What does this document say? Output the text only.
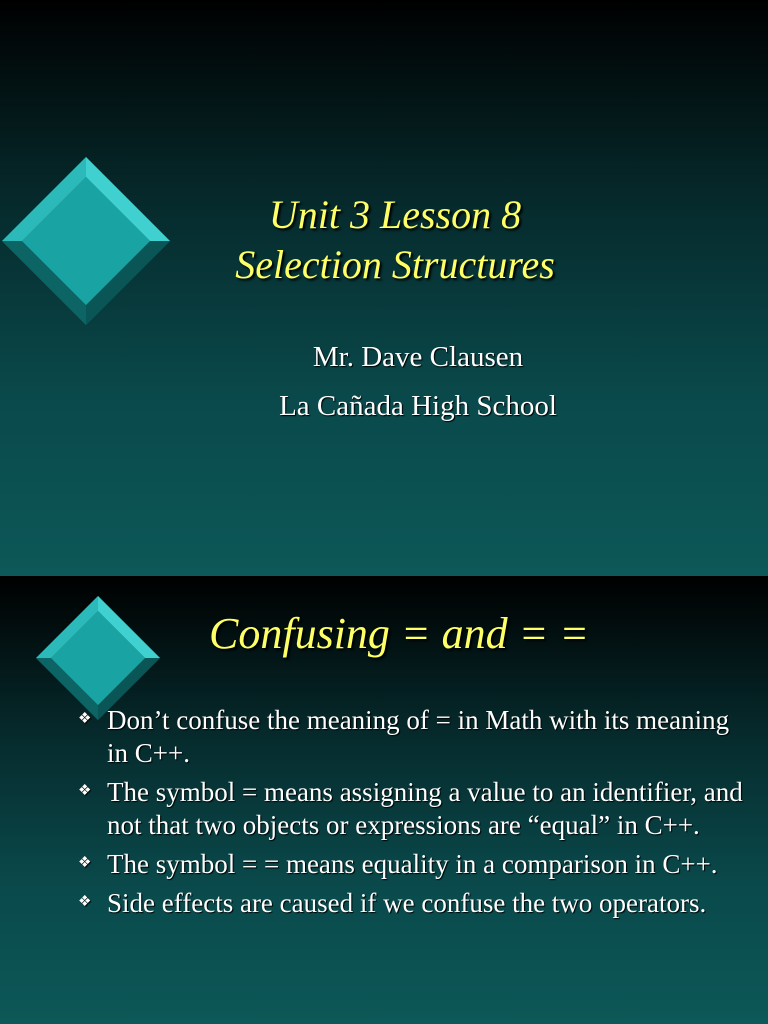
Unit 3 Lesson 8
Selection Structures
Mr. Dave Clausen
La Cañada High School
Confusing = and = =
❖ Don’t confuse the meaning of = in Math with its meaning in C++.
❖ The symbol = means assigning a value to an identifier, and not that two objects or expressions are “equal” in C++.
❖ The symbol = = means equality in a comparison in C++.
❖ Side effects are caused if we confuse the two operators.
